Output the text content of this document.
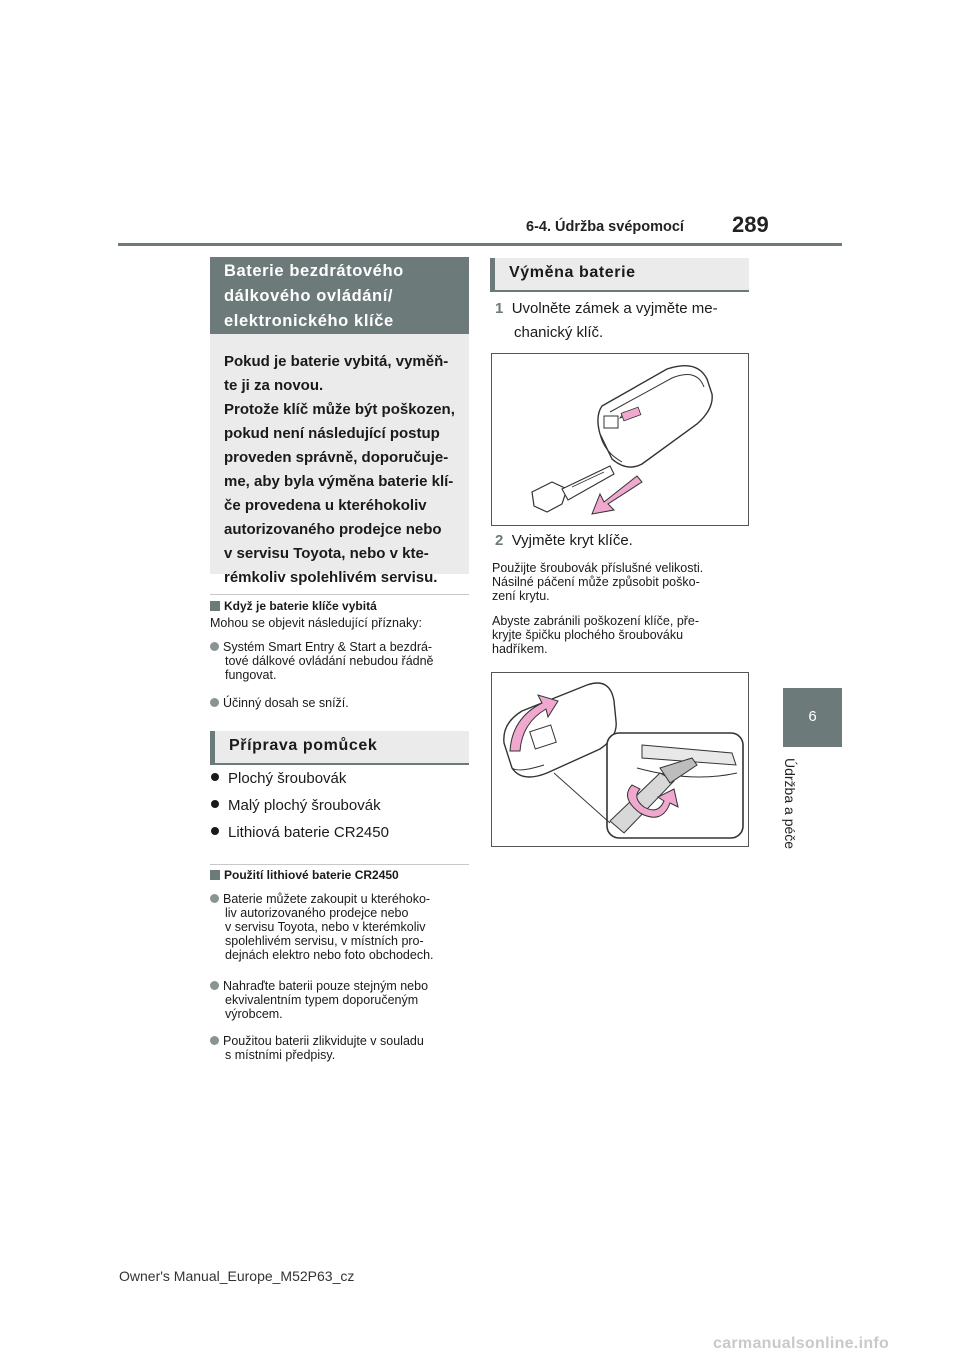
6-4. Údržba svépomocí 289
6
Údržba a péče
Baterie bezdrátového
dálkového ovládání/
elektronického klíče
Pokud je baterie vybitá, vyměň-
te ji za novou.
Protože klíč může být poškozen,
pokud není následující postup
proveden správně, doporučuje-
me, aby byla výměna baterie klí-
če provedena u kteréhokoliv
autorizovaného prodejce nebo
v servisu Toyota, nebo v kte-
rémkoliv spolehlivém servisu.
Když je baterie klíče vybitá
Mohou se objevit následující příznaky:
Systém Smart Entry & Start a bezdrá-
tové dálkové ovládání nebudou řádně
fungovat.
Účinný dosah se sníží.
Příprava pomůcek
Plochý šroubovák
Malý plochý šroubovák
Lithiová baterie CR2450
Použití lithiové baterie CR2450
Baterie můžete zakoupit u kteréhoko-
liv autorizovaného prodejce nebo
v servisu Toyota, nebo v kterémkoliv
spolehlivém servisu, v místních pro-
dejnách elektro nebo foto obchodech.
Nahraďte baterii pouze stejným nebo
ekvivalentním typem doporučeným
výrobcem.
Použitou baterii zlikvidujte v souladu
s místními předpisy.
Výměna baterie
1 Uvolněte zámek a vyjměte me-
chanický klíč.
2 Vyjměte kryt klíče.
Použijte šroubovák příslušné velikosti.
Násilné páčení může způsobit poško-
zení krytu.
Abyste zabránili poškození klíče, pře-
kryjte špičku plochého šroubováku
hadříkem.
Owner's Manual_Europe_M52P63_cz
carmanualsonline.info
